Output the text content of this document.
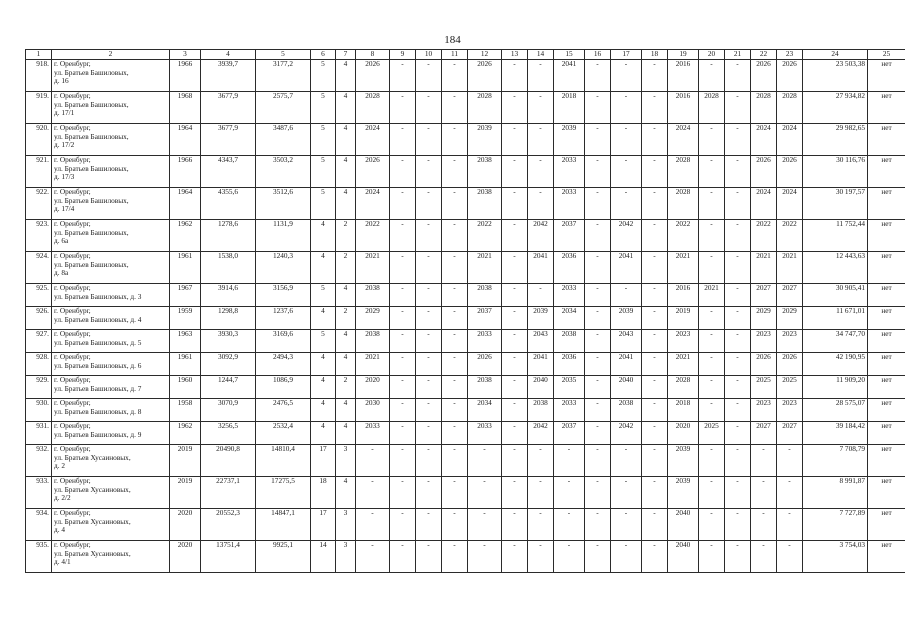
184
1	2	3	4	5	6	7	8	9	10	11	12	13	14	15	16	17	18	19	20	21	22	23	24	25
918.	г. Оренбург,
ул. Братьев Башиловых,
д. 16	1966	3939,7	3177,2	5	4	2026	-	-	-	2026	-	-	2041	-	-	-	2016	-	-	2026	2026	23 503,38	нет
919.	г. Оренбург,
ул. Братьев Башиловых,
д. 17/1	1968	3677,9	2575,7	5	4	2028	-	-	-	2028	-	-	2018	-	-	-	2016	2028	-	2028	2028	27 934,82	нет
920.	г. Оренбург,
ул. Братьев Башиловых,
д. 17/2	1964	3677,9	3487,6	5	4	2024	-	-	-	2039	-	-	2039	-	-	-	2024	-	-	2024	2024	29 982,65	нет
921.	г. Оренбург,
ул. Братьев Башиловых,
д. 17/3	1966	4343,7	3503,2	5	4	2026	-	-	-	2038	-	-	2033	-	-	-	2028	-	-	2026	2026	30 116,76	нет
922.	г. Оренбург,
ул. Братьев Башиловых,
д. 17/4	1964	4355,6	3512,6	5	4	2024	-	-	-	2038	-	-	2033	-	-	-	2028	-	-	2024	2024	30 197,57	нет
923.	г. Оренбург,
ул. Братьев Башиловых,
д. 6а	1962	1278,6	1131,9	4	2	2022	-	-	-	2022	-	2042	2037	-	2042	-	2022	-	-	2022	2022	11 752,44	нет
924.	г. Оренбург,
ул. Братьев Башиловых,
д. 8а	1961	1538,0	1240,3	4	2	2021	-	-	-	2021	-	2041	2036	-	2041	-	2021	-	-	2021	2021	12 443,63	нет
925.	г. Оренбург,
ул. Братьев Башиловых, д. 3	1967	3914,6	3156,9	5	4	2038	-	-	-	2038	-	-	2033	-	-	-	2016	2021	-	2027	2027	30 905,41	нет
926.	г. Оренбург,
ул. Братьев Башиловых, д. 4	1959	1298,8	1237,6	4	2	2029	-	-	-	2037	-	2039	2034	-	2039	-	2019	-	-	2029	2029	11 671,01	нет
927.	г. Оренбург,
ул. Братьев Башиловых, д. 5	1963	3930,3	3169,6	5	4	2038	-	-	-	2033	-	2043	2038	-	2043	-	2023	-	-	2023	2023	34 747,70	нет
928.	г. Оренбург,
ул. Братьев Башиловых, д. 6	1961	3092,9	2494,3	4	4	2021	-	-	-	2026	-	2041	2036	-	2041	-	2021	-	-	2026	2026	42 190,95	нет
929.	г. Оренбург,
ул. Братьев Башиловых, д. 7	1960	1244,7	1086,9	4	2	2020	-	-	-	2038	-	2040	2035	-	2040	-	2028	-	-	2025	2025	11 909,20	нет
930.	г. Оренбург,
ул. Братьев Башиловых, д. 8	1958	3070,9	2476,5	4	4	2030	-	-	-	2034	-	2038	2033	-	2038	-	2018	-	-	2023	2023	28 575,07	нет
931.	г. Оренбург,
ул. Братьев Башиловых, д. 9	1962	3256,5	2532,4	4	4	2033	-	-	-	2033	-	2042	2037	-	2042	-	2020	2025	-	2027	2027	39 184,42	нет
932.	г. Оренбург,
ул. Братьев Хусаиновых,
д. 2	2019	20490,8	14810,4	17	3	-	-	-	-	-	-	-	-	-	-	-	2039	-	-	-	-	7 708,79	нет
933.	г. Оренбург,
ул. Братьев Хусаиновых,
д. 2/2	2019	22737,1	17275,5	18	4	-	-	-	-	-	-	-	-	-	-	-	2039	-	-	-	-	8 991,87	нет
934.	г. Оренбург,
ул. Братьев Хусаиновых,
д. 4	2020	20552,3	14847,1	17	3	-	-	-	-	-	-	-	-	-	-	-	2040	-	-	-	-	7 727,89	нет
935.	г. Оренбург,
ул. Братьев Хусаиновых,
д. 4/1	2020	13751,4	9925,1	14	3	-	-	-	-	-	-	-	-	-	-	-	2040	-	-	-	-	3 754,03	нет
